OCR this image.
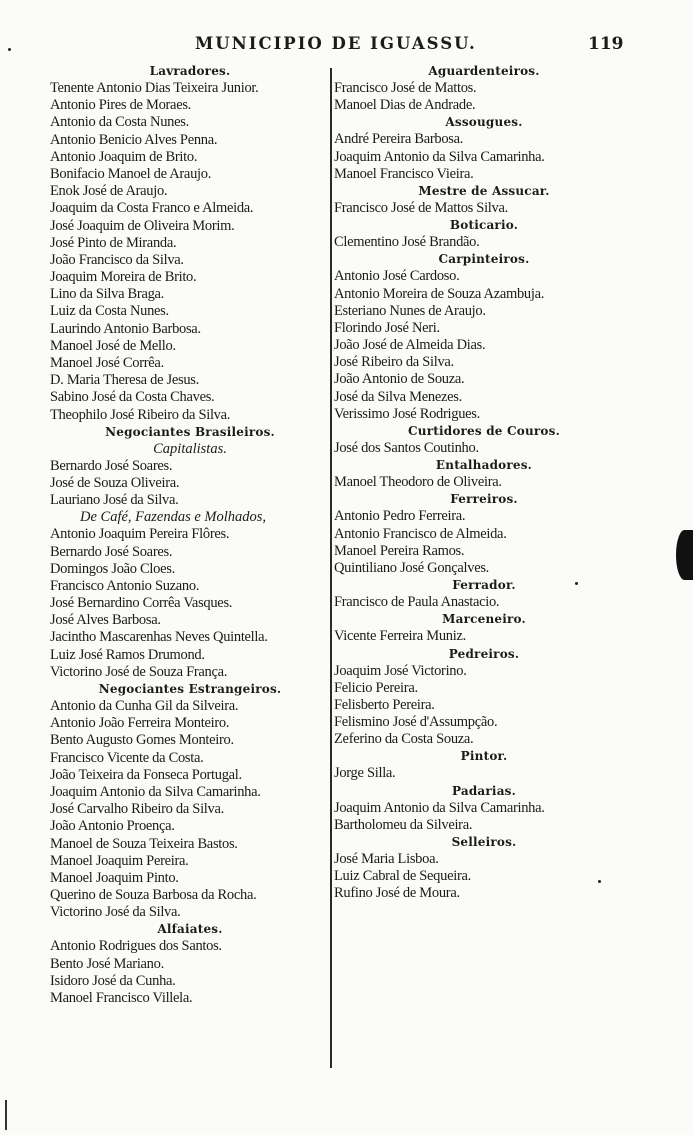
MUNICIPIO DE IGUASSU.	119
Lavradores.
Tenente Antonio Dias Teixeira Junior.
Antonio Pires de Moraes.
Antonio da Costa Nunes.
Antonio Benicio Alves Penna.
Antonio Joaquim de Brito.
Bonifacio Manoel de Araujo.
Enok José de Araujo.
Joaquim da Costa Franco e Almeida.
José Joaquim de Oliveira Morim.
José Pinto de Miranda.
João Francisco da Silva.
Joaquim Moreira de Brito.
Lino da Silva Braga.
Luiz da Costa Nunes.
Laurindo Antonio Barbosa.
Manoel José de Mello.
Manoel José Corrêa.
D. Maria Theresa de Jesus.
Sabino José da Costa Chaves.
Theophilo José Ribeiro da Silva.
Negociantes Brasileiros.
Capitalistas.
Bernardo José Soares.
José de Souza Oliveira.
Lauriano José da Silva.
De Café, Fazendas e Molhados,
Antonio Joaquim Pereira Flôres.
Bernardo José Soares.
Domingos João Cloes.
Francisco Antonio Suzano.
José Bernardino Corrêa Vasques.
José Alves Barbosa.
Jacintho Mascarenhas Neves Quintella.
Luiz José Ramos Drumond.
Victorino José de Souza França.
Negociantes Estrangeiros.
Antonio da Cunha Gil da Silveira.
Antonio João Ferreira Monteiro.
Bento Augusto Gomes Monteiro.
Francisco Vicente da Costa.
João Teixeira da Fonseca Portugal.
Joaquim Antonio da Silva Camarinha.
José Carvalho Ribeiro da Silva.
João Antonio Proença.
Manoel de Souza Teixeira Bastos.
Manoel Joaquim Pereira.
Manoel Joaquim Pinto.
Querino de Souza Barbosa da Rocha.
Victorino José da Silva.
Alfaiates.
Antonio Rodrigues dos Santos.
Bento José Mariano.
Isidoro José da Cunha.
Manoel Francisco Villela.
Aguardenteiros.
Francisco José de Mattos.
Manoel Dias de Andrade.
Assougues.
André Pereira Barbosa.
Joaquim Antonio da Silva Camarinha.
Manoel Francisco Vieira.
Mestre de Assucar.
Francisco José de Mattos Silva.
Boticario.
Clementino José Brandão.
Carpinteiros.
Antonio José Cardoso.
Antonio Moreira de Souza Azambuja.
Esteriano Nunes de Araujo.
Florindo José Neri.
João José de Almeida Dias.
José Ribeiro da Silva.
João Antonio de Souza.
José da Silva Menezes.
Verissimo José Rodrigues.
Curtidores de Couros.
José dos Santos Coutinho.
Entalhadores.
Manoel Theodoro de Oliveira.
Ferreiros.
Antonio Pedro Ferreira.
Antonio Francisco de Almeida.
Manoel Pereira Ramos.
Quintiliano José Gonçalves.
Ferrador.
Francisco de Paula Anastacio.
Marceneiro.
Vicente Ferreira Muniz.
Pedreiros.
Joaquim José Victorino.
Felicio Pereira.
Felisberto Pereira.
Felismino José d'Assumpção.
Zeferino da Costa Souza.
Pintor.
Jorge Silla.
Padarias.
Joaquim Antonio da Silva Camarinha.
Bartholomeu da Silveira.
Selleiros.
José Maria Lisboa.
Luiz Cabral de Sequeira.
Rufino José de Moura.
